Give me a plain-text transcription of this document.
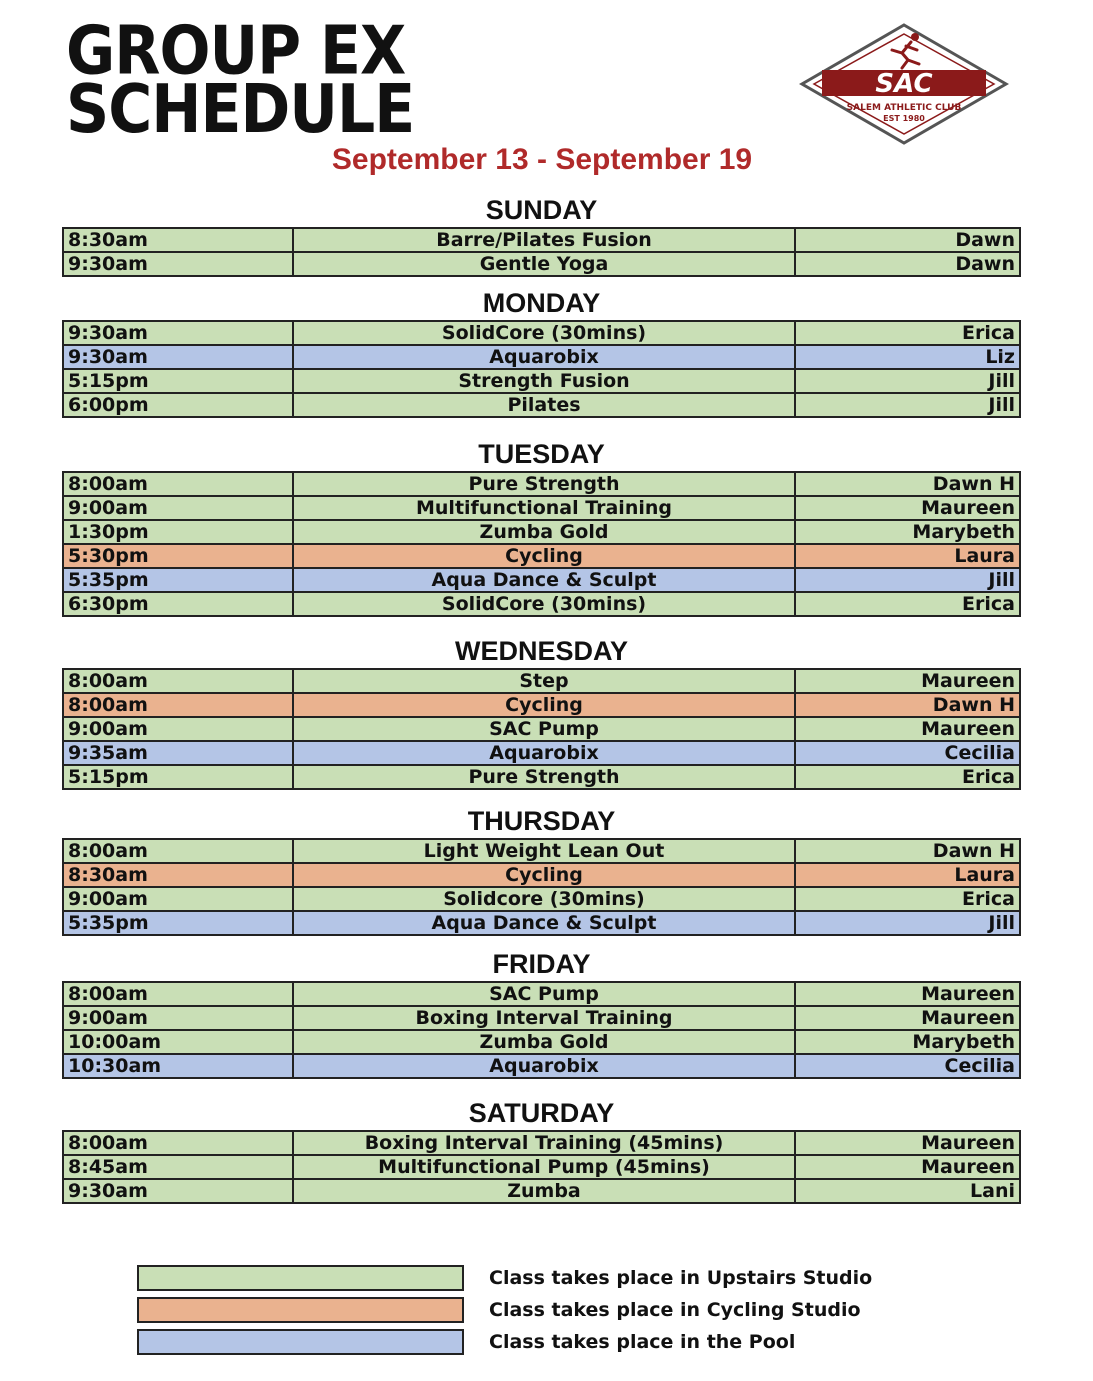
GROUP EX
SCHEDULE	SAC
SALEM ATHLETIC CLUB
EST 1980
September 13 - September 19
SUNDAY
8:30am	Barre/Pilates Fusion	Dawn
9:30am	Gentle Yoga	Dawn
MONDAY
9:30am	SolidCore (30mins)	Erica
9:30am	Aquarobix	Liz
5:15pm	Strength Fusion	Jill
6:00pm	Pilates	Jill
TUESDAY
8:00am	Pure Strength	Dawn H
9:00am	Multifunctional Training	Maureen
1:30pm	Zumba Gold	Marybeth
5:30pm	Cycling	Laura
5:35pm	Aqua Dance & Sculpt	Jill
6:30pm	SolidCore (30mins)	Erica
WEDNESDAY
8:00am	Step	Maureen
8:00am	Cycling	Dawn H
9:00am	SAC Pump	Maureen
9:35am	Aquarobix	Cecilia
5:15pm	Pure Strength	Erica
THURSDAY
8:00am	Light Weight Lean Out	Dawn H
8:30am	Cycling	Laura
9:00am	Solidcore (30mins)	Erica
5:35pm	Aqua Dance & Sculpt	Jill
FRIDAY
8:00am	SAC Pump	Maureen
9:00am	Boxing Interval Training	Maureen
10:00am	Zumba Gold	Marybeth
10:30am	Aquarobix	Cecilia
SATURDAY
8:00am	Boxing Interval Training (45mins)	Maureen
8:45am	Multifunctional Pump (45mins)	Maureen
9:30am	Zumba	Lani
Class takes place in Upstairs Studio
Class takes place in Cycling Studio
Class takes place in the Pool
